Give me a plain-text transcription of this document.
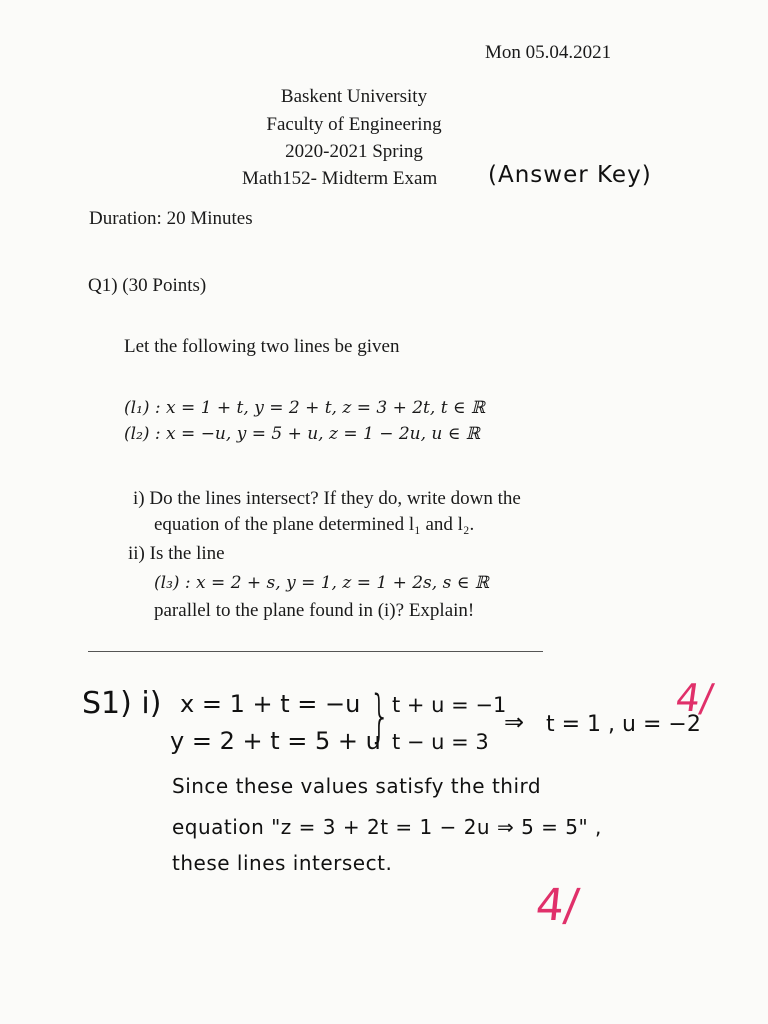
Mon 05.04.2021
Baskent University
Faculty of Engineering
2020-2021 Spring
Math152- Midterm Exam (Answer Key)
Duration: 20 Minutes
Q1) (30 Points)
Let the following two lines be given
(l₁) : x = 1 + t, y = 2 + t, z = 3 + 2t, t ∈ ℝ
(l₂) : x = −u, y = 5 + u, z = 1 − 2u, u ∈ ℝ
i) Do the lines intersect? If they do, write down the
equation of the plane determined l₁ and l₂.
ii) Is the line
(l₃) : x = 2 + s, y = 1, z = 1 + 2s, s ∈ ℝ
parallel to the plane found in (i)? Explain!
S1) i) x = 1 + t = −u
y = 2 + t = 5 + u
} t + u = −1
t − u = 3
⇒ t = 1 , u = −2
4/
Since these values satisfy the third
equation "z = 3 + 2t = 1 − 2u ⇒ 5 = 5" ,
these lines intersect.
4/
